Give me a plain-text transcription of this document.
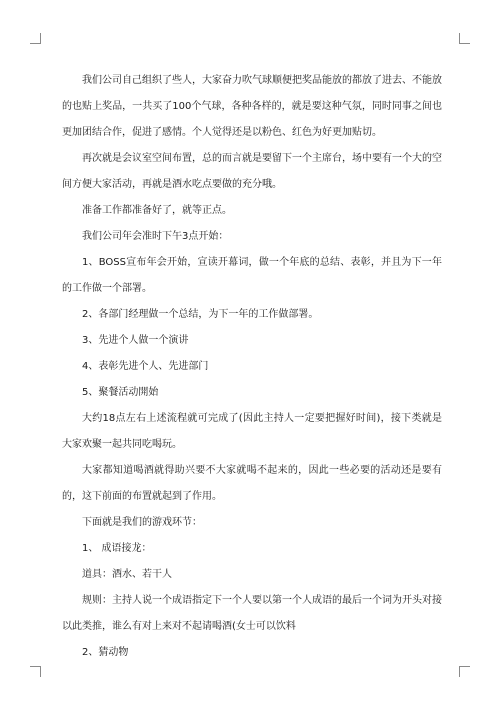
我们公司自己组织了些人，大家奋力吹气球顺便把奖品能放的都放了进去、不能放的也贴上奖品，一共买了100个气球，各种各样的，就是要这种气氛，同时同事之间也更加团结合作，促进了感情。个人觉得还是以粉色、红色为好更加贴切。

再次就是会议室空间布置，总的而言就是要留下一个主席台，场中要有一个大的空间方便大家活动，再就是酒水吃点要做的充分哦。

准备工作都准备好了，就等正点。

我们公司年会准时下午3点开始：

1、BOSS宣布年会开始，宣读开幕词，做一个年底的总结、表彰，并且为下一年的工作做一个部署。

2、各部门经理做一个总结，为下一年的工作做部署。

3、先进个人做一个演讲

4、表彰先进个人、先进部门

5、聚餐活动開始

大约18点左右上述流程就可完成了(因此主持人一定要把握好时间)，接下类就是大家欢聚一起共同吃喝玩。

大家都知道喝酒就得助兴要不大家就喝不起来的，因此一些必要的活动还是要有的，这下前面的布置就起到了作用。

下面就是我们的游戏环节：

1、 成语接龙：

道具：酒水、若干人

规则：主持人说一个成语指定下一个人要以第一个人成语的最后一个词为开头对接以此类推，谁么有对上来对不起请喝酒(女士可以饮料

2、猜动物
